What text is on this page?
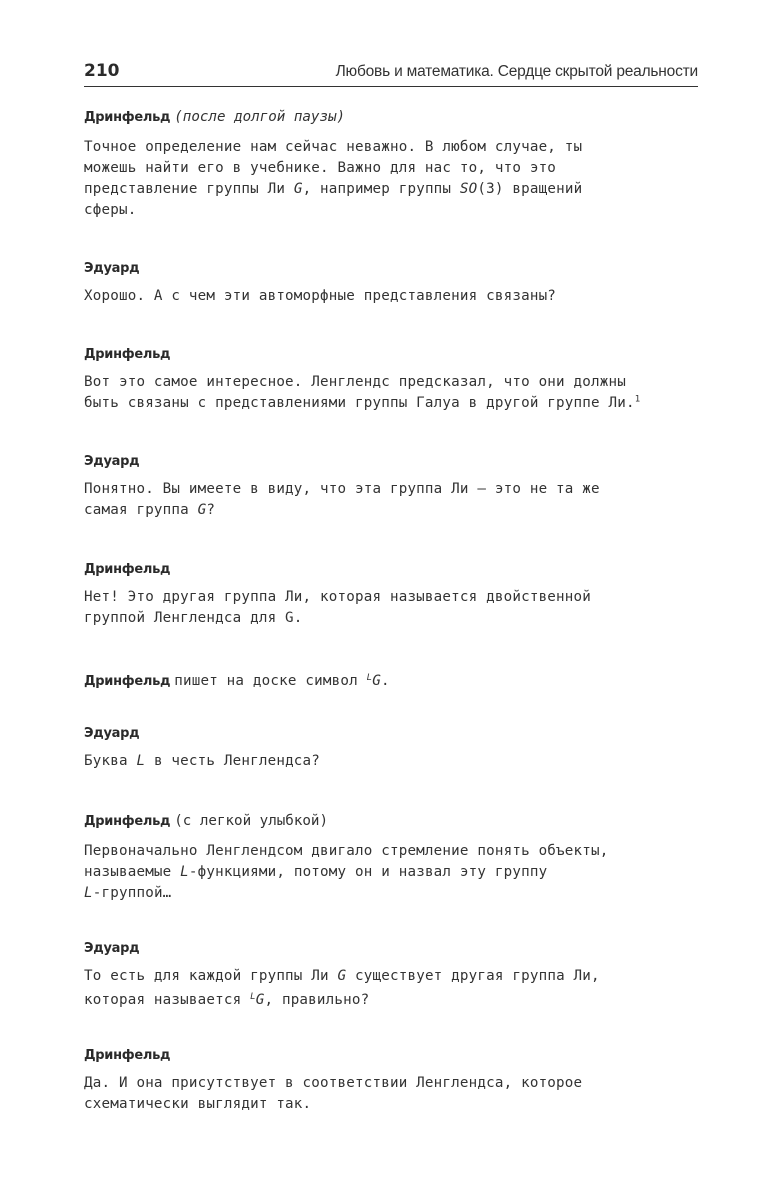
210	Любовь и математика. Сердце скрытой реальности
Дринфельд (после долгой паузы)
Точное определение нам сейчас неважно. В любом случае, ты
можешь найти его в учебнике. Важно для нас то, что это
представление группы Ли G, например группы SO(3) вращений
сферы.
Эдуард
Хорошо. А с чем эти автоморфные представления связаны?
Дринфельд
Вот это самое интересное. Ленглендс предсказал, что они должны
быть связаны с представлениями группы Галуа в другой группе Ли.$^1$
Эдуард
Понятно. Вы имеете в виду, что эта группа Ли — это не та же
самая группа G?
Дринфельд
Нет! Это другая группа Ли, которая называется двойственной
группой Ленглендса для G.
Дринфельд пишет на доске символ $^L$G.
Эдуард
Буква L в честь Ленглендса?
Дринфельд (с легкой улыбкой)
Первоначально Ленглендсом двигало стремление понять объекты,
называемые L-функциями, потому он и назвал эту группу
L-группой…
Эдуард
То есть для каждой группы Ли G существует другая группа Ли,
которая называется $^L$G, правильно?
Дринфельд
Да. И она присутствует в соответствии Ленглендса, которое
схематически выглядит так.
